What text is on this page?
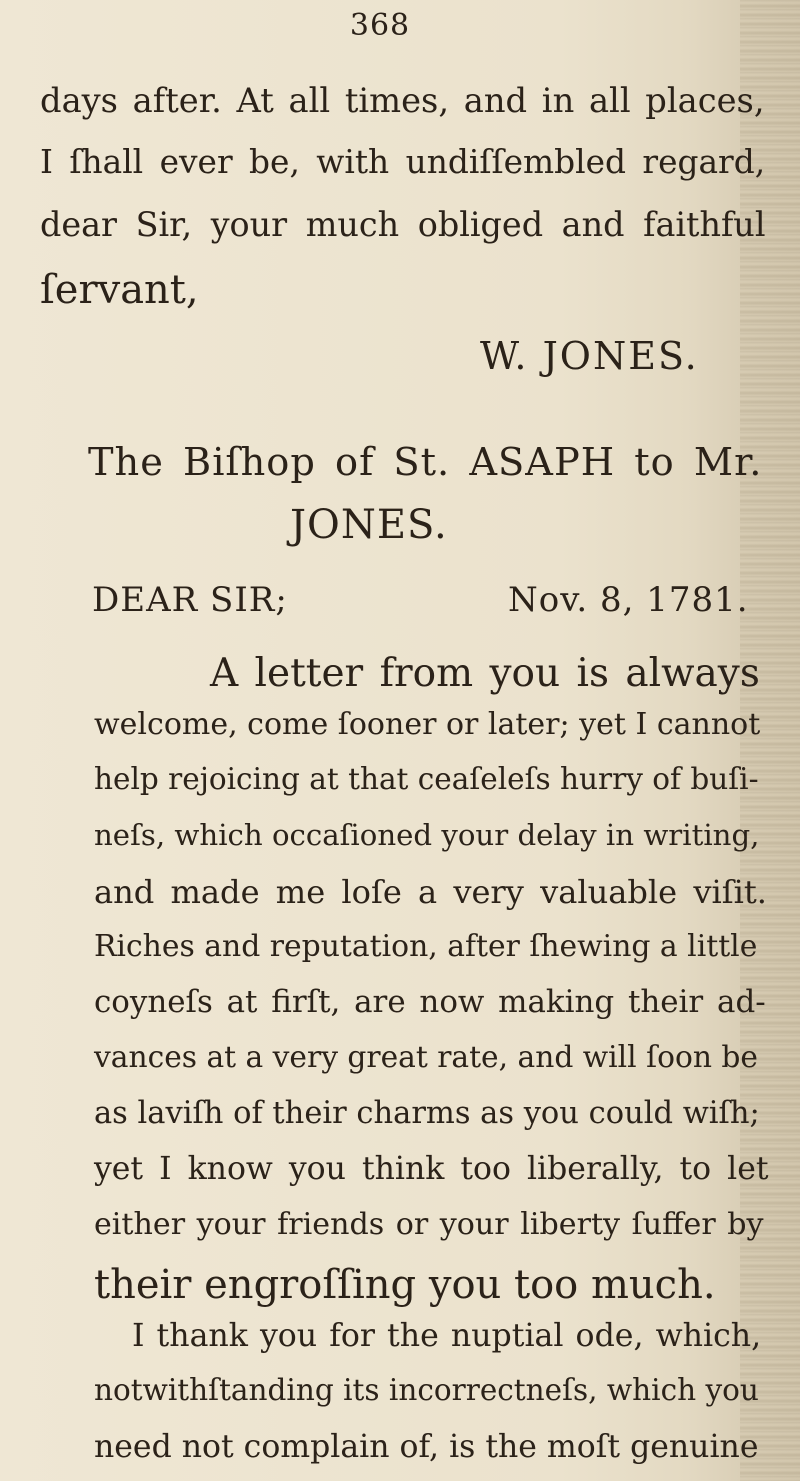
368
days after. At all times, and in all places,
I ſhall ever be, with undiſſembled regard,
dear Sir, your much obliged and faithful
ſervant,
W. JONES.
The Biſhop of St. ASAPH to Mr.
JONES.
DEAR SIR;	Nov. 8, 1781.
A letter from you is always
welcome, come ſooner or later; yet I cannot
help rejoicing at that ceaſeleſs hurry of buſi-
neſs, which occaſioned your delay in writing,
and made me loſe a very valuable viſit.
Riches and reputation, after ſhewing a little
coyneſs at firſt, are now making their ad-
vances at a very great rate, and will ſoon be
as laviſh of their charms as you could wiſh;
yet I know you think too liberally, to let
either your friends or your liberty ſuffer by
their engroſſing you too much.
I thank you for the nuptial ode, which,
notwithſtanding its incorrectneſs, which you
need not complain of, is the moſt genuine
